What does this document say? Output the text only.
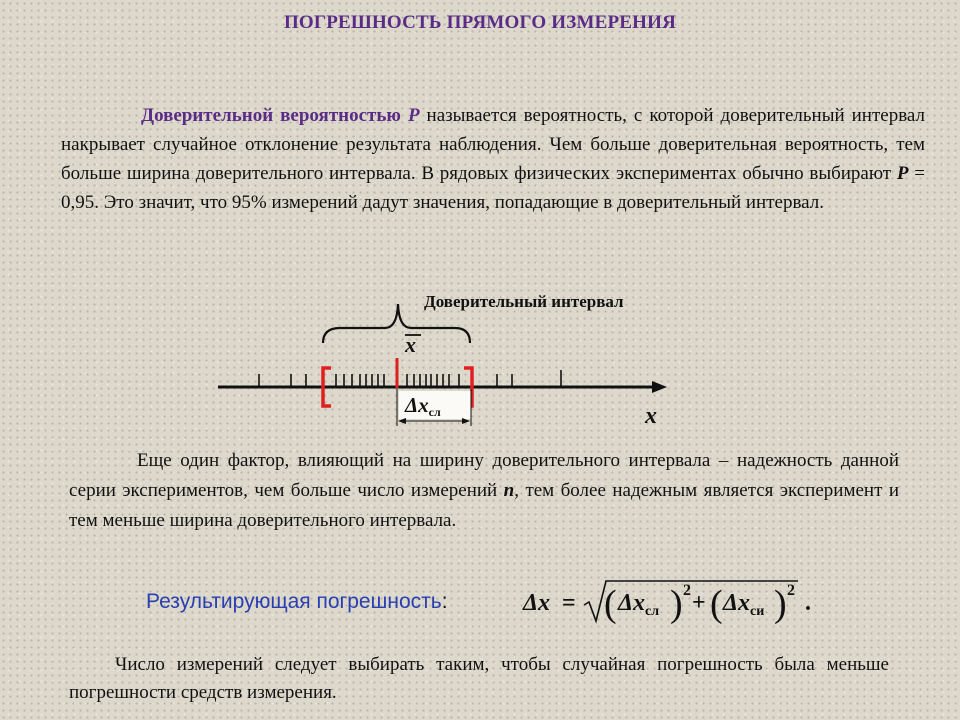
ПОГРЕШНОСТЬ ПРЯМОГО ИЗМЕРЕНИЯ
Доверительной вероятностью P называется вероятность, с которой доверительный интервал накрывает случайное отклонение результата наблюдения. Чем больше доверительная вероятность, тем больше ширина доверительного интервала. В рядовых физических экспериментах обычно выбирают P = 0,95. Это значит, что 95% измерений дадут значения, попадающие в доверительный интервал.
Доверительный интервал
x
Δxсл	x
Еще один фактор, влияющий на ширину доверительного интервала – надежность данной серии экспериментов, чем больше число измерений n, тем более надежным является эксперимент и тем меньше ширина доверительного интервала.
Результирующая погрешность:	Δx = ( $\Delta x_{сл}$ ) 2 + ( $\Delta x_{си}$ ) 2 .
Число измерений следует выбирать таким, чтобы случайная погрешность была меньше погрешности средств измерения.
